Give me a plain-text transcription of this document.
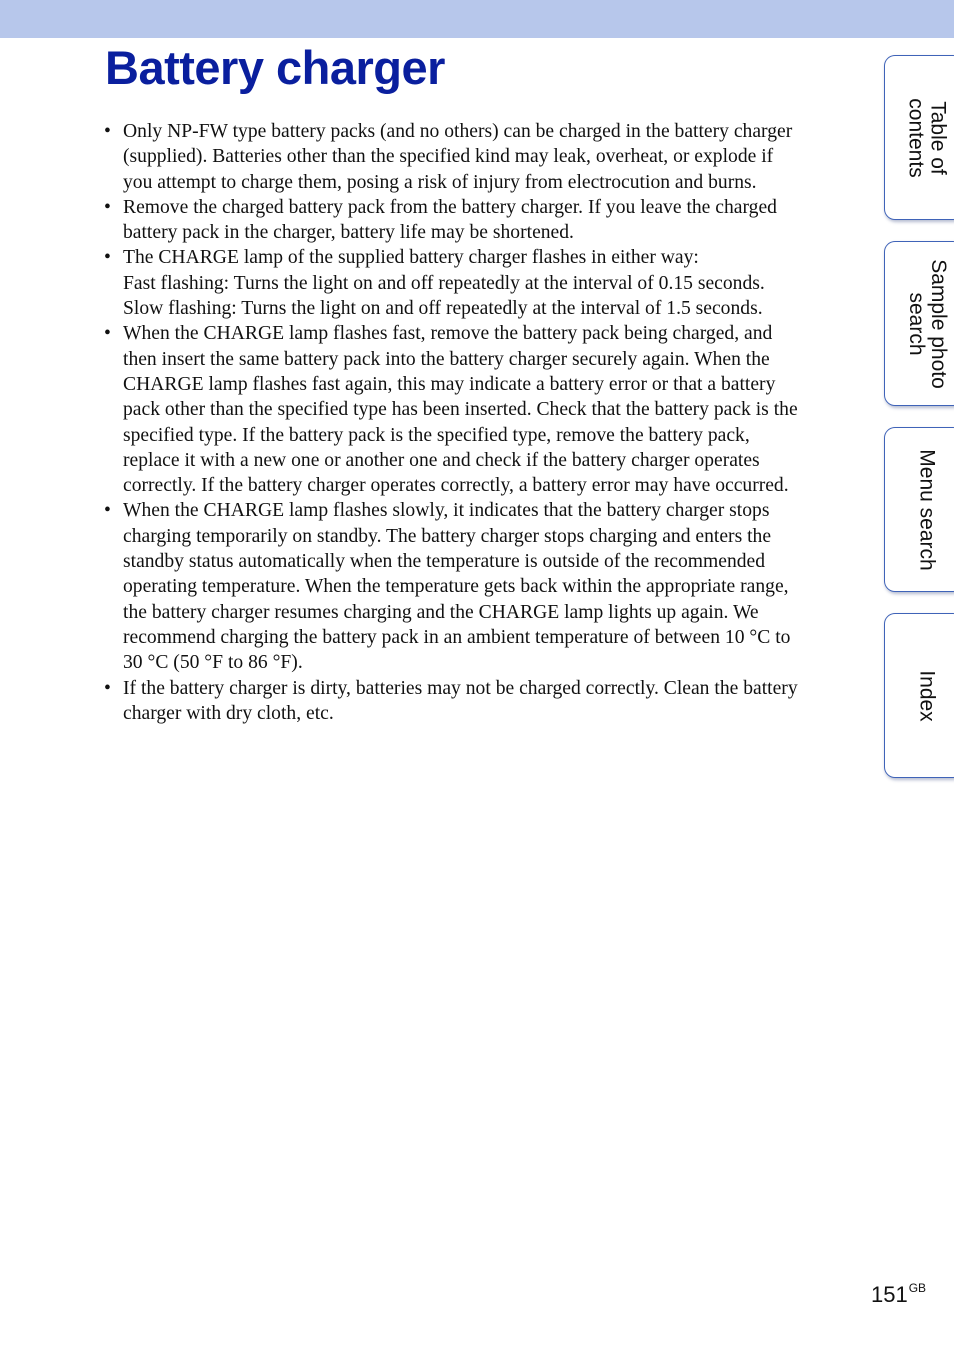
Battery charger
• Only NP-FW type battery packs (and no others) can be charged in the battery charger
(supplied). Batteries other than the specified kind may leak, overheat, or explode if
you attempt to charge them, posing a risk of injury from electrocution and burns.
• Remove the charged battery pack from the battery charger. If you leave the charged
battery pack in the charger, battery life may be shortened.
• The CHARGE lamp of the supplied battery charger flashes in either way:
Fast flashing: Turns the light on and off repeatedly at the interval of 0.15 seconds.
Slow flashing: Turns the light on and off repeatedly at the interval of 1.5 seconds.
• When the CHARGE lamp flashes fast, remove the battery pack being charged, and
then insert the same battery pack into the battery charger securely again. When the
CHARGE lamp flashes fast again, this may indicate a battery error or that a battery
pack other than the specified type has been inserted. Check that the battery pack is the
specified type. If the battery pack is the specified type, remove the battery pack,
replace it with a new one or another one and check if the battery charger operates
correctly. If the battery charger operates correctly, a battery error may have occurred.
• When the CHARGE lamp flashes slowly, it indicates that the battery charger stops
charging temporarily on standby. The battery charger stops charging and enters the
standby status automatically when the temperature is outside of the recommended
operating temperature. When the temperature gets back within the appropriate range,
the battery charger resumes charging and the CHARGE lamp lights up again. We
recommend charging the battery pack in an ambient temperature of between 10 °C to
30 °C (50 °F to 86 °F).
• If the battery charger is dirty, batteries may not be charged correctly. Clean the battery
charger with dry cloth, etc.
Table of
contents
Sample photo
search
Menu search
Index
$151^{GB}$
